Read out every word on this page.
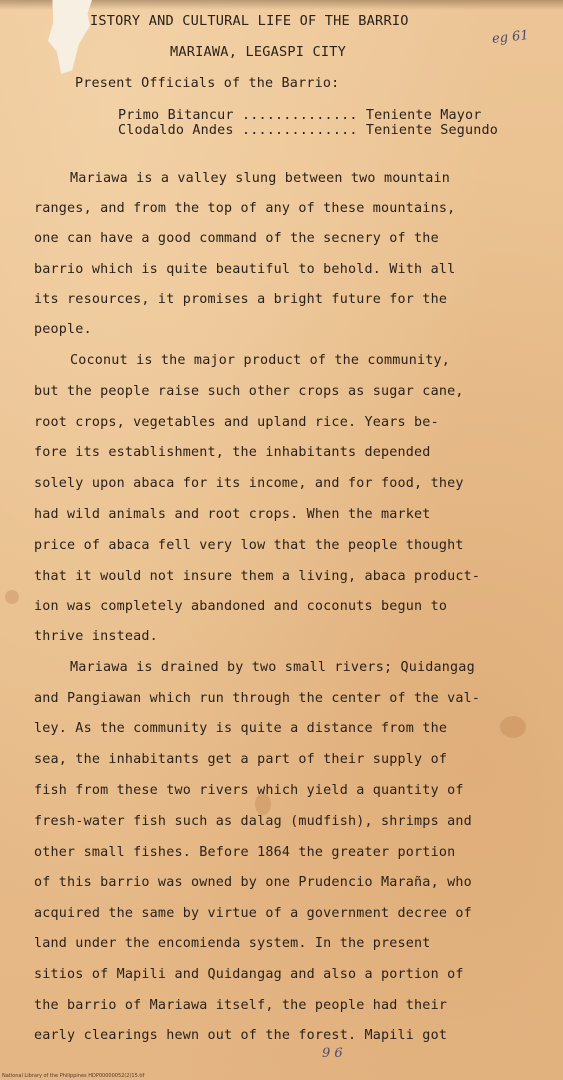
eg 61
ISTORY AND CULTURAL LIFE OF THE BARRIO
MARIAWA, LEGASPI CITY
Present Officials of the Barrio:
Primo Bitancur .............. Teniente Mayor
Clodaldo Andes .............. Teniente Segundo
Mariawa is a valley slung between two mountain
ranges, and from the top of any of these mountains,
one can have a good command of the secnery of the
barrio which is quite beautiful to behold. With all
its resources, it promises a bright future for the
people.
Coconut is the major product of the community,
but the people raise such other crops as sugar cane,
root crops, vegetables and upland rice. Years be-
fore its establishment, the inhabitants depended
solely upon abaca for its income, and for food, they
had wild animals and root crops. When the market
price of abaca fell very low that the people thought
that it would not insure them a living, abaca product-
ion was completely abandoned and coconuts begun to
thrive instead.
Mariawa is drained by two small rivers; Quidangag
and Pangiawan which run through the center of the val-
ley. As the community is quite a distance from the
sea, the inhabitants get a part of their supply of
fish from these two rivers which yield a quantity of
fresh-water fish such as dalag (mudfish), shrimps and
other small fishes. Before 1864 the greater portion
of this barrio was owned by one Prudencio Marañа, who
acquired the same by virtue of a government decree of
land under the encomienda system. In the present
sitios of Mapili and Quidangag and also a portion of
the barrio of Mariawa itself, the people had their
early clearings hewn out of the forest. Mapili got
9 6
National Library of the Philippines HDP00000052(2)15.tif
